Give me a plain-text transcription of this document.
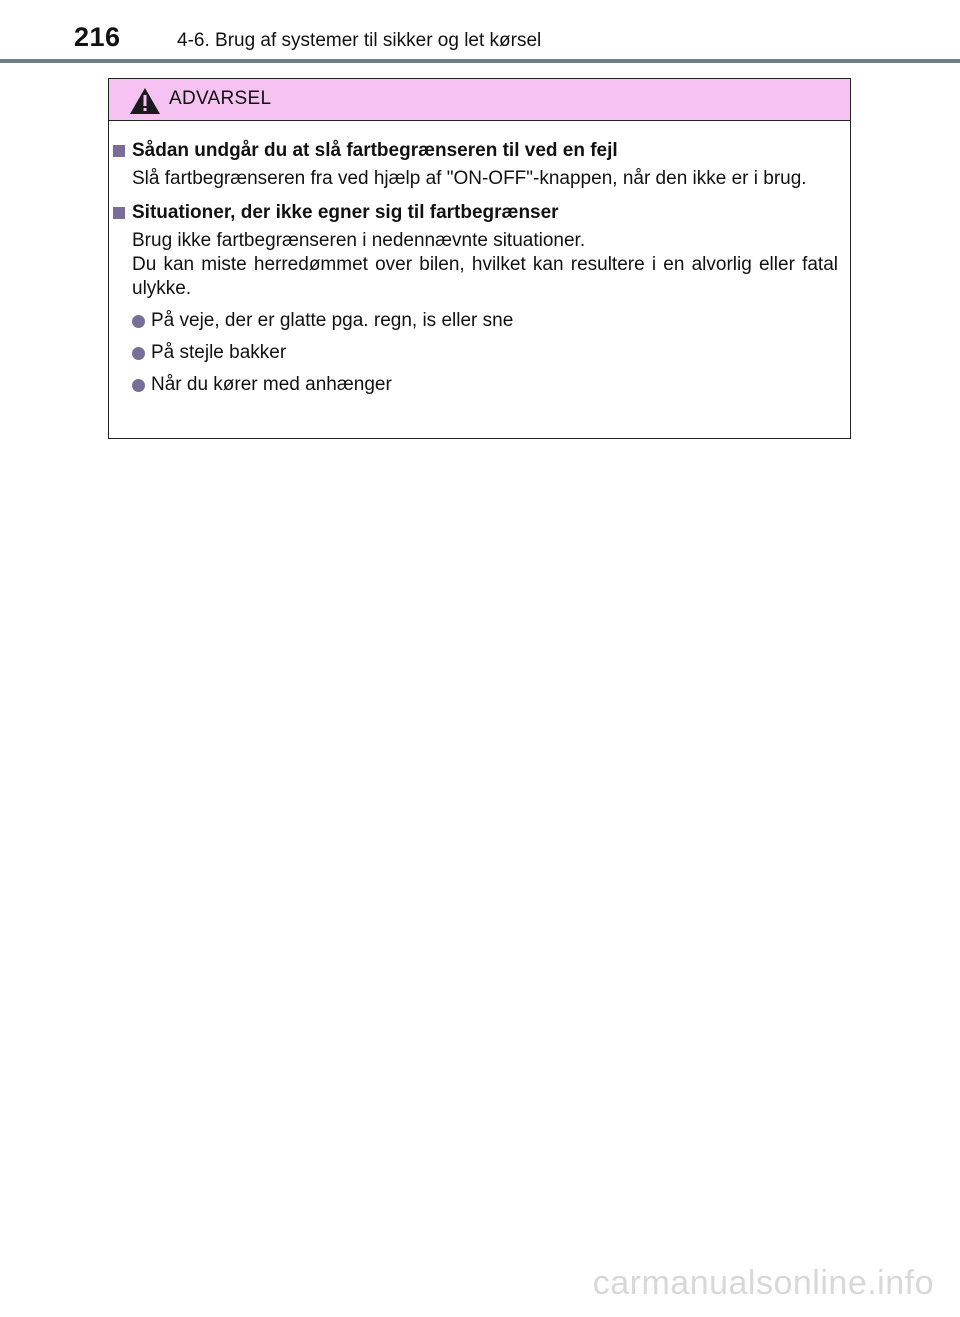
216	4-6. Brug af systemer til sikker og let kørsel
ADVARSEL
Sådan undgår du at slå fartbegrænseren til ved en fejl
Slå fartbegrænseren fra ved hjælp af "ON-OFF"-knappen, når den ikke er i brug.
Situationer, der ikke egner sig til fartbegrænser
Brug ikke fartbegrænseren i nedennævnte situationer.
Du kan miste herredømmet over bilen, hvilket kan resultere i en alvorlig eller fatal ulykke.
På veje, der er glatte pga. regn, is eller sne
På stejle bakker
Når du kører med anhænger
carmanualsonline.info
